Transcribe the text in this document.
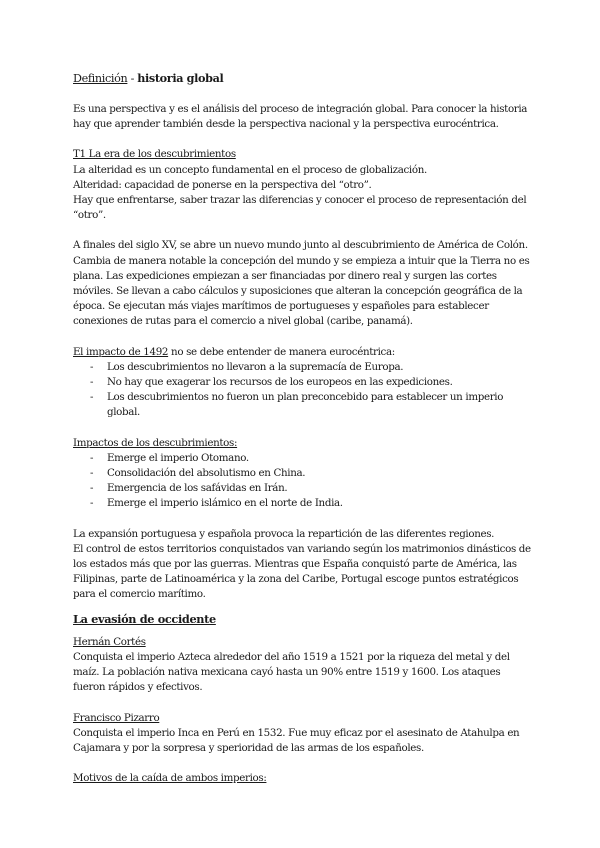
Definición - historia global

Es una perspectiva y es el análisis del proceso de integración global. Para conocer la historia hay que aprender también desde la perspectiva nacional y la perspectiva eurocéntrica.

T1 La era de los descubrimientos

La alteridad es un concepto fundamental en el proceso de globalización.

Alteridad: capacidad de ponerse en la perspectiva del “otro”.

Hay que enfrentarse, saber trazar las diferencias y conocer el proceso de representación del “otro”.

A finales del siglo XV, se abre un nuevo mundo junto al descubrimiento de América de Colón. Cambia de manera notable la concepción del mundo y se empieza a intuir que la Tierra no es plana. Las expediciones empiezan a ser financiadas por dinero real y surgen las cortes móviles. Se llevan a cabo cálculos y suposiciones que alteran la concepción geográfica de la época. Se ejecutan más viajes marítimos de portugueses y españoles para establecer conexiones de rutas para el comercio a nivel global (caribe, panamá).

El impacto de 1492 no se debe entender de manera eurocéntrica:

- Los descubrimientos no llevaron a la supremacía de Europa.
- No hay que exagerar los recursos de los europeos en las expediciones.
- Los descubrimientos no fueron un plan preconcebido para establecer un imperio global.

Impactos de los descubrimientos:

- Emerge el imperio Otomano.
- Consolidación del absolutismo en China.
- Emergencia de los safávidas en Irán.
- Emerge el imperio islámico en el norte de India.

La expansión portuguesa y española provoca la repartición de las diferentes regiones.

El control de estos territorios conquistados van variando según los matrimonios dinásticos de los estados más que por las guerras. Mientras que España conquistó parte de América, las Filipinas, parte de Latinoamérica y la zona del Caribe, Portugal escoge puntos estratégicos para el comercio marítimo.

La evasión de occidente

Hernán Cortés

Conquista el imperio Azteca alrededor del año 1519 a 1521 por la riqueza del metal y del maíz. La población nativa mexicana cayó hasta un 90% entre 1519 y 1600. Los ataques fueron rápidos y efectivos.

Francisco Pizarro

Conquista el imperio Inca en Perú en 1532. Fue muy eficaz por el asesinato de Atahulpa en Cajamara y por la sorpresa y sperioridad de las armas de los españoles.

Motivos de la caída de ambos imperios:
